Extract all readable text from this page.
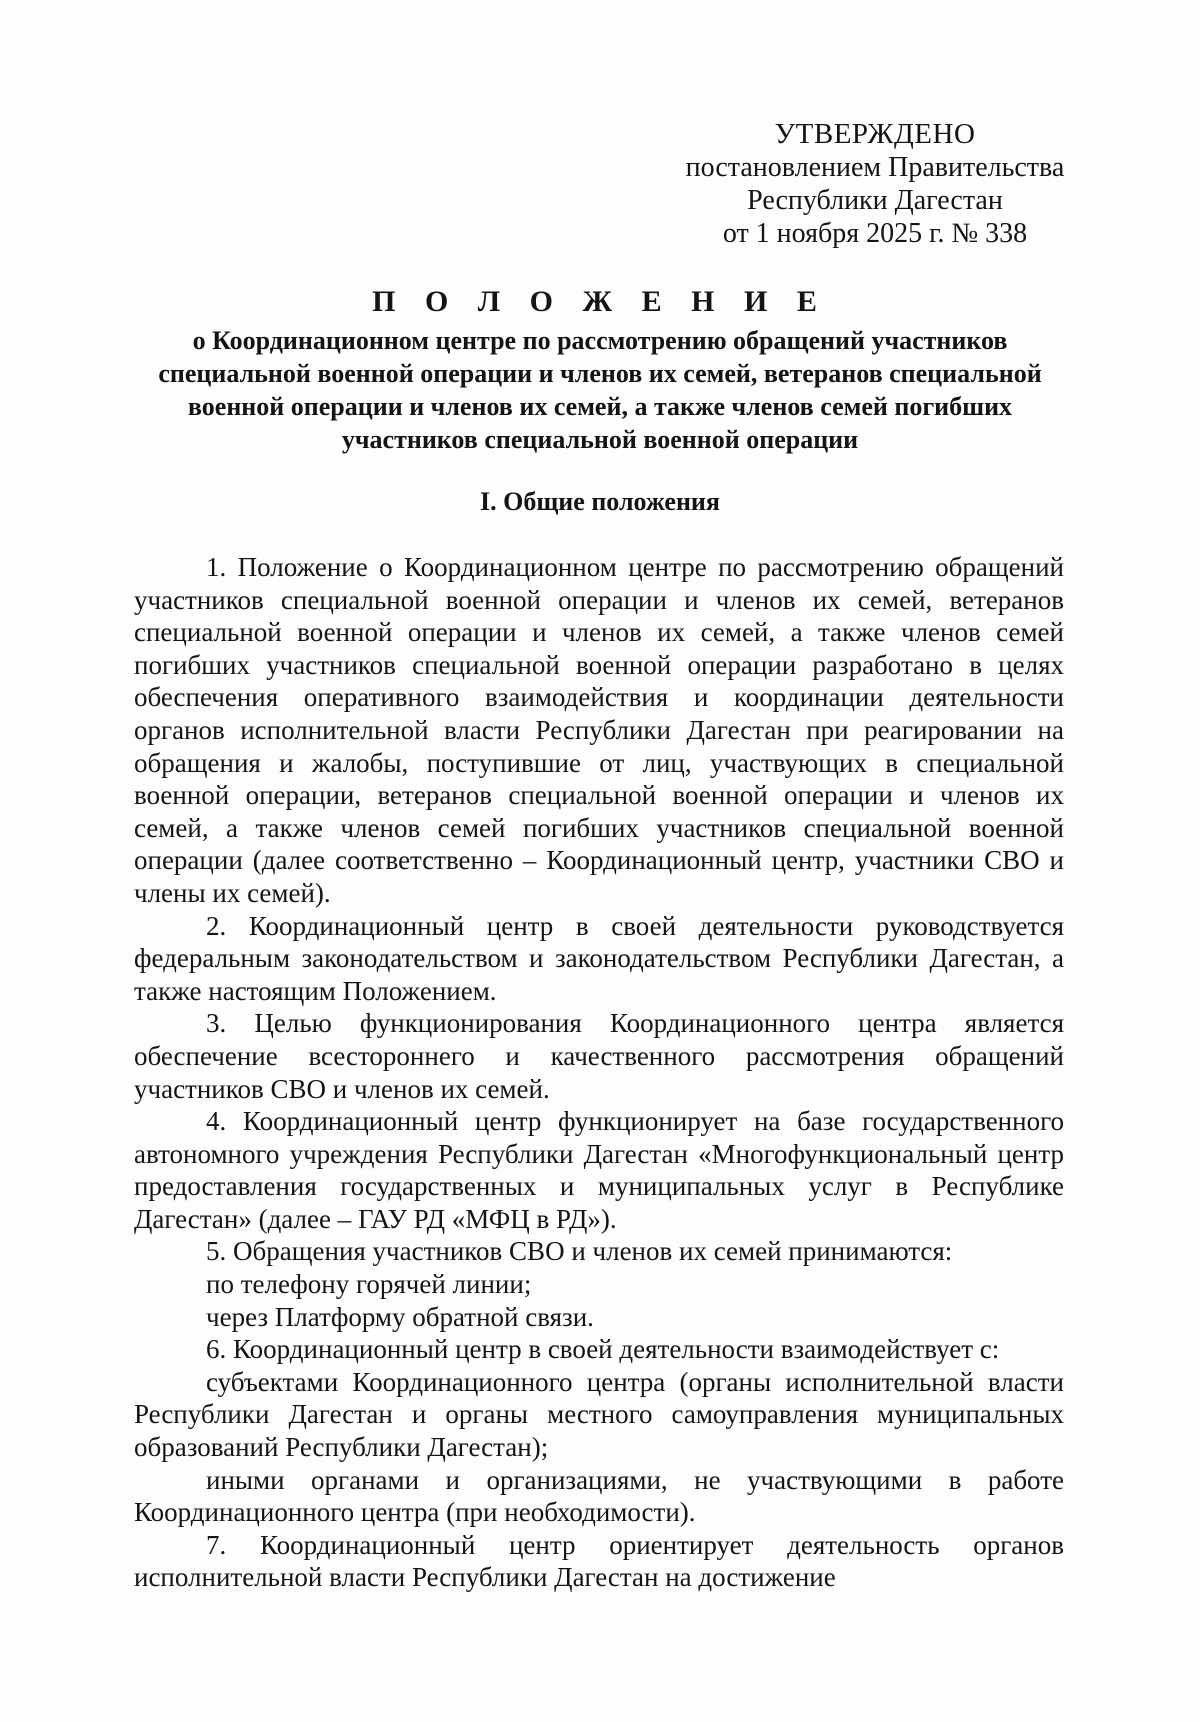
УТВЕРЖДЕНО
постановлением Правительства
Республики Дагестан
от 1 ноября 2025 г. № 338
П О Л О Ж Е Н И Е
о Координационном центре по рассмотрению обращений участников специальной военной операции и членов их семей, ветеранов специальной военной операции и членов их семей, а также членов семей погибших участников специальной военной операции
I. Общие положения

1. Положение о Координационном центре по рассмотрению обращений участников специальной военной операции и членов их семей, ветеранов специальной военной операции и членов их семей, а также членов семей погибших участников специальной военной операции разработано в целях обеспечения оперативного взаимодействия и координации деятельности органов исполнительной власти Республики Дагестан при реагировании на обращения и жалобы, поступившие от лиц, участвующих в специальной военной операции, ветеранов специальной военной операции и членов их семей, а также членов семей погибших участников специальной военной операции (далее соответственно – Координационный центр, участники СВО и члены их семей).

2. Координационный центр в своей деятельности руководствуется федеральным законодательством и законодательством Республики Дагестан, а также настоящим Положением.

3. Целью функционирования Координационного центра является обеспечение всестороннего и качественного рассмотрения обращений участников СВО и членов их семей.

4. Координационный центр функционирует на базе государственного автономного учреждения Республики Дагестан «Многофункциональный центр предоставления государственных и муниципальных услуг в Республике Дагестан» (далее – ГАУ РД «МФЦ в РД»).

5. Обращения участников СВО и членов их семей принимаются:

по телефону горячей линии;

через Платформу обратной связи.

6. Координационный центр в своей деятельности взаимодействует с:

субъектами Координационного центра (органы исполнительной власти Республики Дагестан и органы местного самоуправления муниципальных образований Республики Дагестан);

иными органами и организациями, не участвующими в работе Координационного центра (при необходимости).

7. Координационный центр ориентирует деятельность органов исполнительной власти Республики Дагестан на достижение
